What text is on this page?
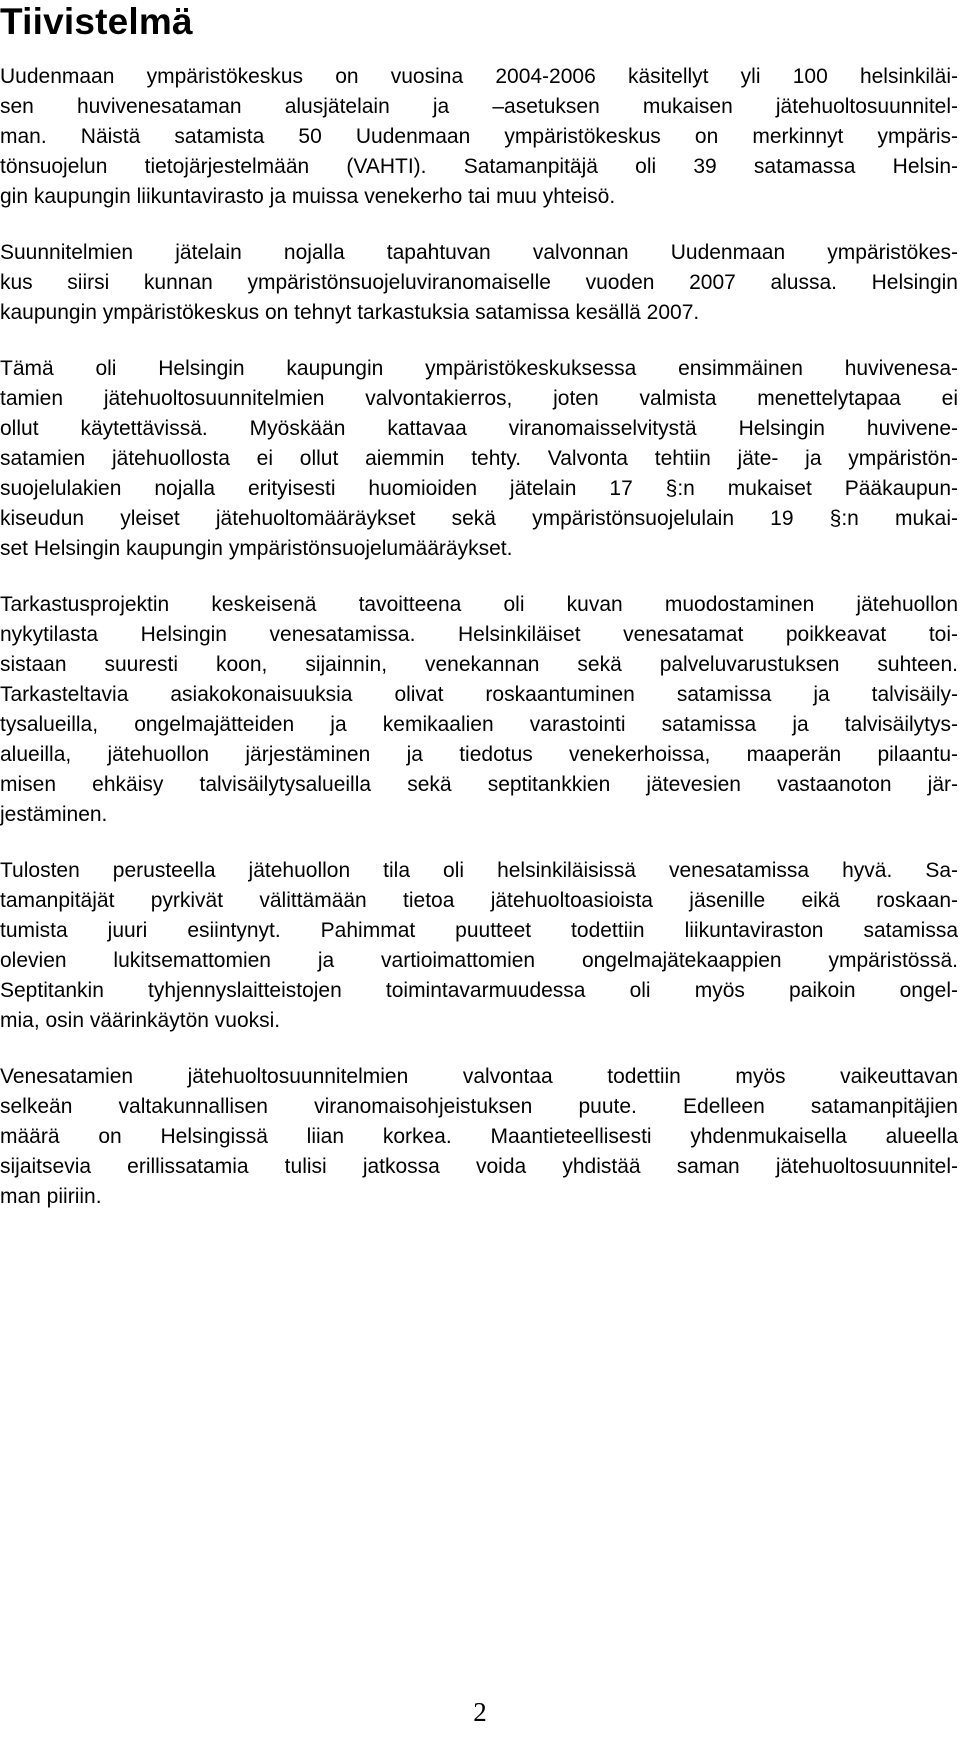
Tiivistelmä

Uudenmaan ympäristökeskus on vuosina 2004-2006 käsitellyt yli 100 helsinkiläi-
sen huvivenesataman alusjätelain ja –asetuksen mukaisen jätehuoltosuunnitel-
man. Näistä satamista 50 Uudenmaan ympäristökeskus on merkinnyt ympäris-
tönsuojelun tietojärjestelmään (VAHTI). Satamanpitäjä oli 39 satamassa Helsin-
gin kaupungin liikuntavirasto ja muissa venekerho tai muu yhteisö.

Suunnitelmien jätelain nojalla tapahtuvan valvonnan Uudenmaan ympäristökes-
kus siirsi kunnan ympäristönsuojeluviranomaiselle vuoden 2007 alussa. Helsingin
kaupungin ympäristökeskus on tehnyt tarkastuksia satamissa kesällä 2007.

Tämä oli Helsingin kaupungin ympäristökeskuksessa ensimmäinen huvivenesa-
tamien jätehuoltosuunnitelmien valvontakierros, joten valmista menettelytapaa ei
ollut käytettävissä. Myöskään kattavaa viranomaisselvitystä Helsingin huvivene-
satamien jätehuollosta ei ollut aiemmin tehty. Valvonta tehtiin jäte- ja ympäristön-
suojelulakien nojalla erityisesti huomioiden jätelain 17 §:n mukaiset Pääkaupun-
kiseudun yleiset jätehuoltomääräykset sekä ympäristönsuojelulain 19 §:n mukai-
set Helsingin kaupungin ympäristönsuojelumääräykset.

Tarkastusprojektin keskeisenä tavoitteena oli kuvan muodostaminen jätehuollon
nykytilasta Helsingin venesatamissa. Helsinkiläiset venesatamat poikkeavat toi-
sistaan suuresti koon, sijainnin, venekannan sekä palveluvarustuksen suhteen.
Tarkasteltavia asiakokonaisuuksia olivat roskaantuminen satamissa ja talvisäily-
tysalueilla, ongelmajätteiden ja kemikaalien varastointi satamissa ja talvisäilytys-
alueilla, jätehuollon järjestäminen ja tiedotus venekerhoissa, maaperän pilaantu-
misen ehkäisy talvisäilytysalueilla sekä septitankkien jätevesien vastaanoton jär-
jestäminen.

Tulosten perusteella jätehuollon tila oli helsinkiläisissä venesatamissa hyvä. Sa-
tamanpitäjät pyrkivät välittämään tietoa jätehuoltoasioista jäsenille eikä roskaan-
tumista juuri esiintynyt. Pahimmat puutteet todettiin liikuntaviraston satamissa
olevien lukitsemattomien ja vartioimattomien ongelmajätekaappien ympäristössä.
Septitankin tyhjennyslaitteistojen toimintavarmuudessa oli myös paikoin ongel-
mia, osin väärinkäytön vuoksi.

Venesatamien jätehuoltosuunnitelmien valvontaa todettiin myös vaikeuttavan
selkeän valtakunnallisen viranomaisohjeistuksen puute. Edelleen satamanpitäjien
määrä on Helsingissä liian korkea. Maantieteellisesti yhdenmukaisella alueella
sijaitsevia erillissatamia tulisi jatkossa voida yhdistää saman jätehuoltosuunnitel-
man piiriin.

2
